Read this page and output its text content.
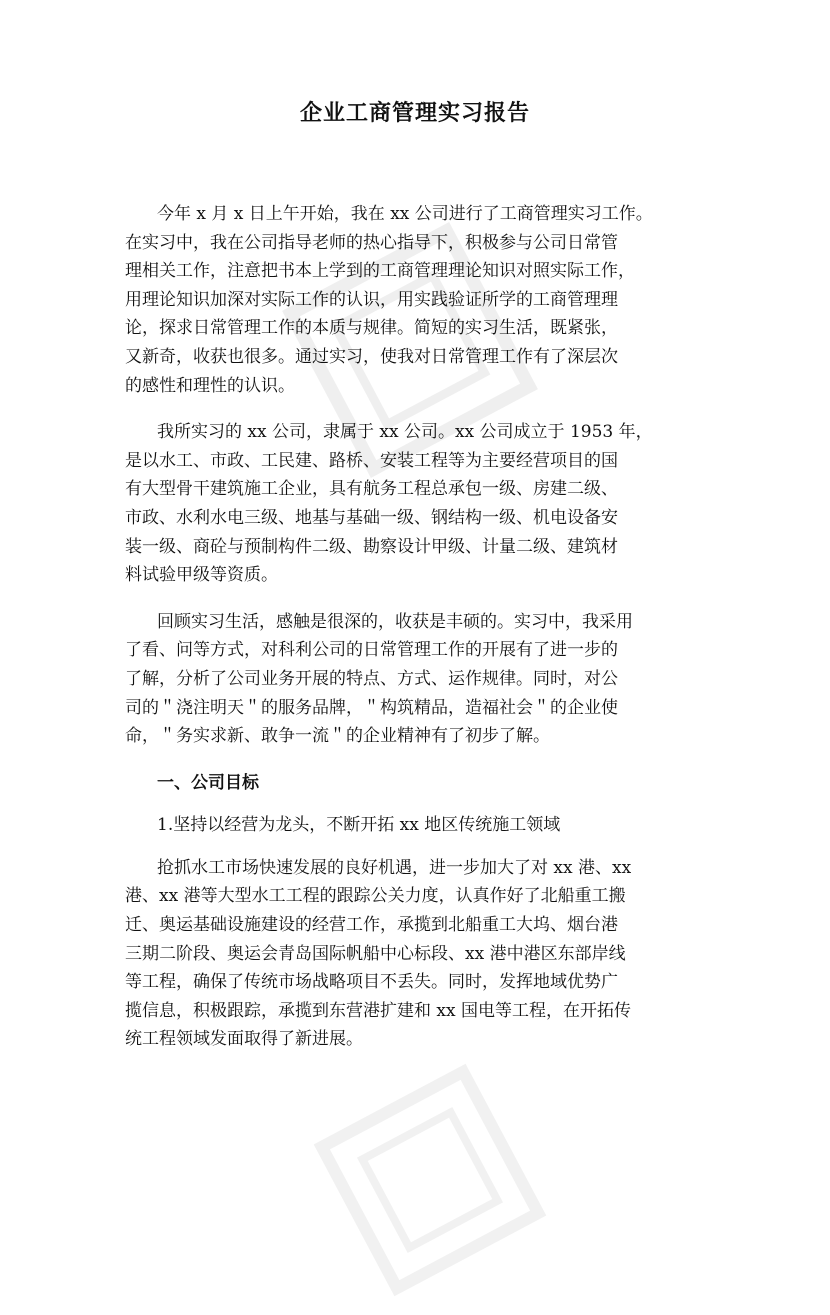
企业工商管理实习报告
今年 x 月 x 日上午开始，我在 xx 公司进行了工商管理实习工作。
在实习中，我在公司指导老师的热心指导下，积极参与公司日常管
理相关工作，注意把书本上学到的工商管理理论知识对照实际工作，
用理论知识加深对实际工作的认识，用实践验证所学的工商管理理
论，探求日常管理工作的本质与规律。简短的实习生活，既紧张，
又新奇，收获也很多。通过实习，使我对日常管理工作有了深层次
的感性和理性的认识。
我所实习的 xx 公司，隶属于 xx 公司。xx 公司成立于 1953 年，
是以水工、市政、工民建、路桥、安装工程等为主要经营项目的国
有大型骨干建筑施工企业，具有航务工程总承包一级、房建二级、
市政、水利水电三级、地基与基础一级、钢结构一级、机电设备安
装一级、商砼与预制构件二级、勘察设计甲级、计量二级、建筑材
料试验甲级等资质。
回顾实习生活，感触是很深的，收获是丰硕的。实习中，我采用
了看、问等方式，对科利公司的日常管理工作的开展有了进一步的
了解，分析了公司业务开展的特点、方式、运作规律。同时，对公
司的＂浇注明天＂的服务品牌，＂构筑精品，造福社会＂的企业使
命，＂务实求新、敢争一流＂的企业精神有了初步了解。
一、公司目标
1.坚持以经营为龙头，不断开拓 xx 地区传统施工领域
抢抓水工市场快速发展的良好机遇，进一步加大了对 xx 港、xx
港、xx 港等大型水工工程的跟踪公关力度，认真作好了北船重工搬
迁、奥运基础设施建设的经营工作，承揽到北船重工大坞、烟台港
三期二阶段、奥运会青岛国际帆船中心标段、xx 港中港区东部岸线
等工程，确保了传统市场战略项目不丢失。同时，发挥地域优势广
揽信息，积极跟踪，承揽到东营港扩建和 xx 国电等工程，在开拓传
统工程领域发面取得了新进展。
